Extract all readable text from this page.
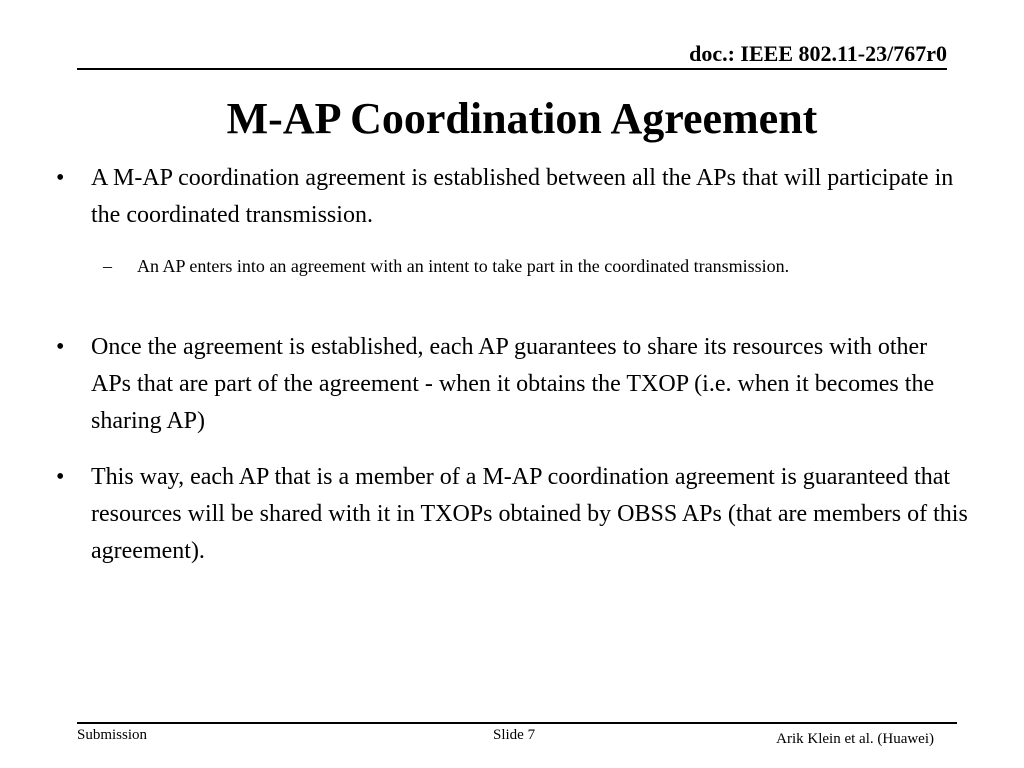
doc.: IEEE 802.11-23/767r0
M-AP Coordination Agreement
• A M-AP coordination agreement is established between all the APs that will participate in the coordinated transmission.
– An AP enters into an agreement with an intent to take part in the coordinated transmission.
• Once the agreement is established, each AP guarantees to share its resources with other APs that are part of the agreement - when it obtains the TXOP (i.e. when it becomes the sharing AP)
• This way, each AP that is a member of a M-AP coordination agreement is guaranteed that resources will be shared with it in TXOPs obtained by OBSS APs (that are members of this agreement).
Submission	Slide 7	Arik Klein et al. (Huawei)
